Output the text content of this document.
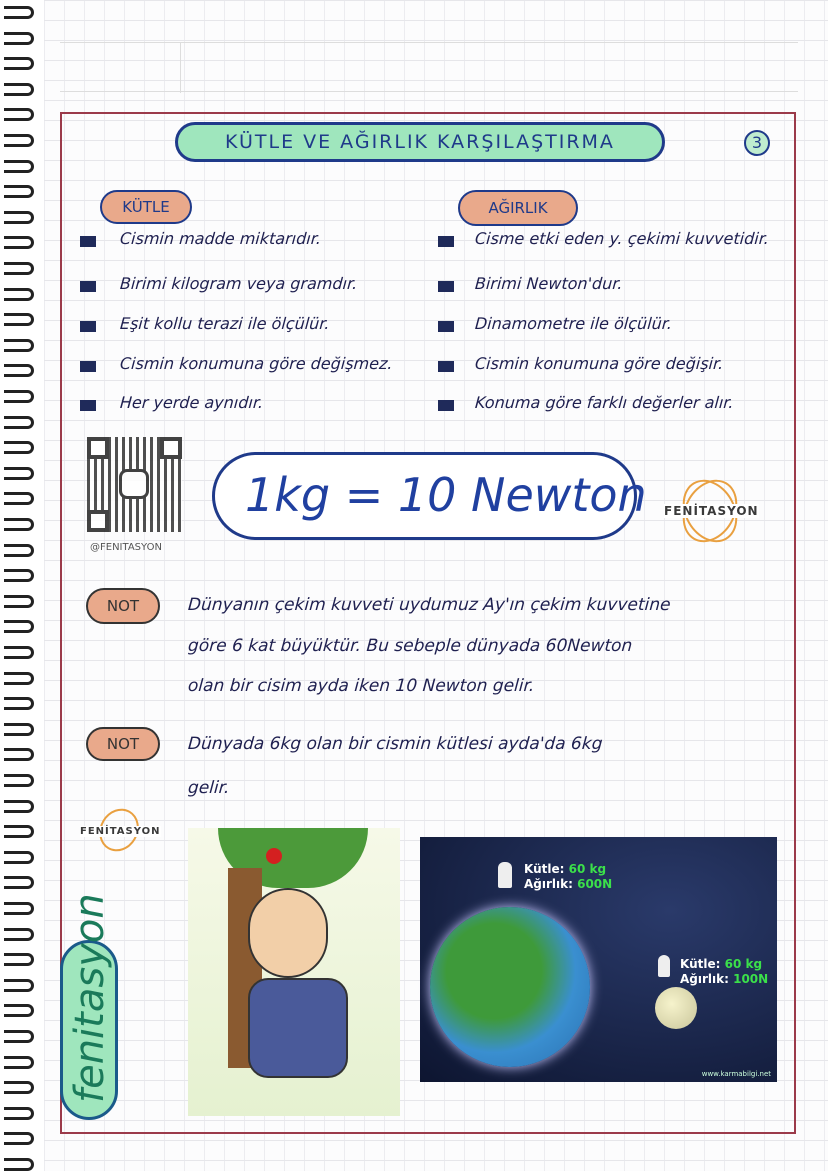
KÜTLE VE AĞIRLIK KARŞILAŞTIRMA	3
KÜTLE	AĞIRLIK
Cismin madde miktarıdır.
Birimi kilogram veya gramdır.
Eşit kollu terazi ile ölçülür.
Cismin konumuna göre değişmez.
Her yerde aynıdır.
Cisme etki eden y. çekimi kuvvetidir.
Birimi Newton'dur.
Dinamometre ile ölçülür.
Cismin konumuna göre değişir.
Konuma göre farklı değerler alır.
@FENITASYON
1kg = 10 Newton FENİTASYON
NOT	Dünyanın çekim kuvveti uydumuz Ay'ın çekim kuvvetine
göre 6 kat büyüktür. Bu sebeple dünyada 60Newton
olan bir cisim ayda iken 10 Newton gelir.
NOT	Dünyada 6kg olan bir cismin kütlesi ayda'da 6kg
gelir.
FENİTASYON
Kütle: 60 kg
Ağırlık: 600N
Kütle: 60 kg
Ağırlık: 100N
www.karmabilgi.net
fenitasyon
